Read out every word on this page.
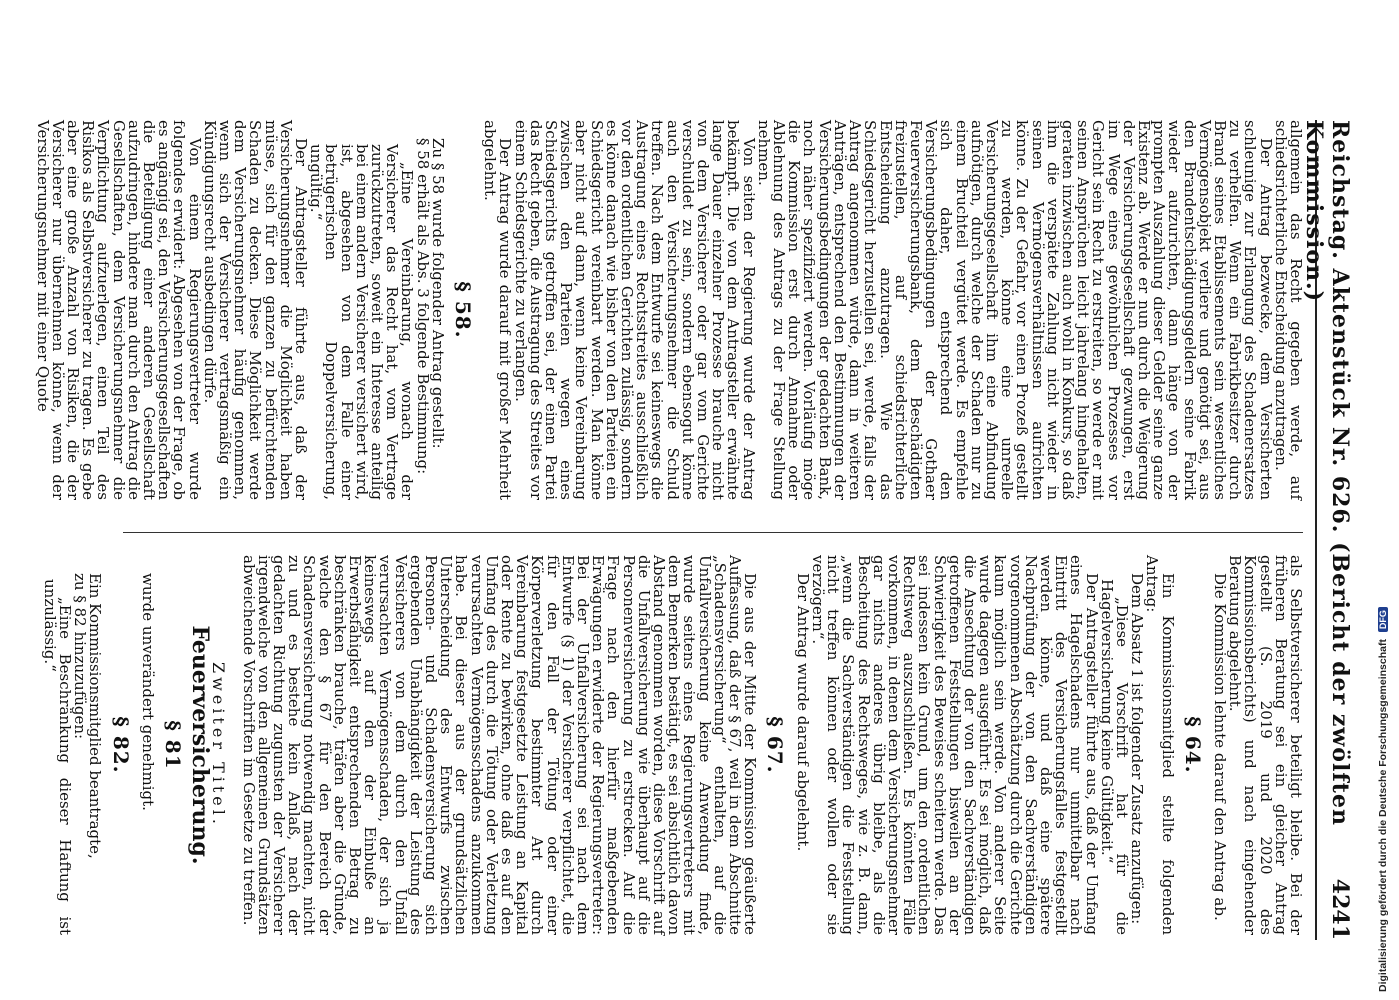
Reichstag. Aktenstück Nr. 626. (Bericht der zwölften Kommission.)
4241

allgemein das Recht gegeben werde, auf schiedsrichterliche Entscheidung anzutragen.

Der Antrag bezwecke, dem Versicherten schleunige zur Erlangung des Schadenersatzes zu verhelfen. Wenn ein Fabrikbesitzer durch Brand seines Etablissements sein wesentliches Vermögensobjekt verliere und genötigt sei, aus den Brandentschädigungsgeldern seine Fabrik wieder aufzurichten, dann hänge von der prompten Auszahlung dieser Gelder seine ganze Existenz ab. Werde er nun durch die Weigerung der Versicherungsgesellschaft gezwungen, erst im Wege eines gewöhnlichen Prozesses vor Gericht sein Recht zu erstreiten, so werde er mit seinen Ansprüchen leicht jahrelang hingehalten, geraten inzwischen auch wohl in Konkurs, so daß ihm die verspätete Zahlung nicht wieder in seinen Vermögensverhältnissen aufrichten könne. Zu der Gefahr, vor einen Prozeß gestellt zu werden, könne eine unreelle Versicherungsgesellschaft ihm eine Abfindung aufnötigen, durch welche der Schaden nur zu einem Bruchteil vergütet werde. Es empfehle sich daher, entsprechend den Versicherungsbedingungen der Gothaer Feuerversicherungsbank, dem Beschädigten freizustellen, auf schiedsrichterliche Entscheidung anzutragen. Wie das Schiedsgericht herzustellen sei, werde, falls der Antrag angenommen würde, dann in weiteren Anträgen, entsprechend den Bestimmungen der Versicherungsbedingungen der gedachten Bank, noch näher spezifiziert werden. Vorläufig möge die Kommission erst durch Annahme oder Ablehnung des Antrags zu der Frage Stellung nehmen.

Von seiten der Regierung wurde der Antrag bekämpft. Die von dem Antragsteller erwähnte lange Dauer einzelner Prozesse brauche nicht von dem Versicherer oder gar vom Gerichte verschuldet zu sein, sondern ebensogut könne auch den Versicherungsnehmer die Schuld treffen. Nach dem Entwurfe sei keineswegs die Austragung eines Rechtsstreites ausschließlich vor den ordentlichen Gerichten zulässig, sondern es könne danach wie bisher von den Parteien ein Schiedsgericht vereinbart werden. Man könne aber nicht auf dann, wenn keine Vereinbarung zwischen den Parteien wegen eines Schiedsgerichts getroffen sei, der einen Partei das Recht geben, die Austragung des Streites vor einem Schiedsgerichte zu verlangen.

Der Antrag wurde darauf mit großer Mehrheit abgelehnt.

§ 58.

Zu § 58 wurde folgender Antrag gestellt:

§ 58 erhält als Abs. 3 folgende Bestimmung:

„Eine Vereinbarung, wonach der Versicherer das Recht hat, vom Vertrage zurückzutreten, soweit ein Interesse anteilig bei einem andern Versicherer versichert wird, ist, abgesehen von dem Falle einer betrügerischen Doppelversicherung, ungültig.“

Der Antragsteller führte aus, daß der Versicherungsnehmer die Möglichkeit haben müsse, sich für den ganzen zu befürchtenden Schaden zu decken. Diese Möglichkeit werde dem Versicherungsnehmer häufig genommen, wenn sich der Versicherer vertragsmäßig ein Kündigungsrecht ausbedingen dürfe.

Von einem Regierungsvertreter wurde folgendes erwidert: Abgesehen von der Frage, ob es angängig sei, den Versicherungsgesellschaften die Beteiligung einer anderen Gesellschaft aufzudringen, hindere man durch den Antrag die Gesellschaften, dem Versicherungsnehmer die Verpflichtung aufzuerlegen, einen Teil des Risikos als Selbstversicherer zu tragen. Es gebe aber eine große Anzahl von Risiken, die der Versicherer nur übernehmen könne, wenn der Versicherungsnehmer mit einer Quote

als Selbstversicherer beteiligt bleibe. Bei der früheren Beratung sei ein gleicher Antrag gestellt (S. 2019 und 2020 des Kommissionsberichts) und nach eingehender Beratung abgelehnt.

Die Kommission lehnte darauf den Antrag ab.

§ 64.

Ein Kommissionsmitglied stellte folgenden Antrag:

Dem Absatz 1 ist folgender Zusatz anzufügen:

„Diese Vorschrift hat für die Hagelversicherung keine Gültigkeit.“

Der Antragsteller führte aus, daß der Umfang eines Hagelschadens nur unmittelbar nach Eintritt des Versicherungsfalles festgestellt werden könne, und daß eine spätere Nachprüfung der von den Sachverständigen vorgenommenen Abschätzung durch die Gerichte kaum möglich sein werde. Von anderer Seite wurde dagegen ausgeführt: Es sei möglich, daß die Ansechtung der von den Sachverständigen getroffenen Feststellungen bisweilen an der Schwierigkeit des Beweises scheitern werde. Das sei indessen kein Grund, um den ordentlichen Rechtsweg auszuschließen. Es könnten Fälle vorkommen, in denen dem Versicherungsnehmer gar nichts anderes übrig bleibe, als die Bescheitung des Rechtsweges, wie z. B. dann, „wenn die Sachverständigen die Feststellung nicht treffen können oder wollen oder sie verzögern“.

Der Antrag wurde darauf abgelehnt.

§ 67.

Die aus der Mitte der Kommission geäußerte Auffassung, daß der § 67, weil in dem Abschnitte „Schadensversicherung“ enthalten, auf die Unfallversicherung keine Anwendung finde, wurde seitens eines Regierungsvertreters mit dem Bemerken bestätigt, es sei absichtlich davon Abstand genommen worden, diese Vorschrift auf die Unfallversicherung wie überhaupt auf die Personenversicherung zu erstrecken. Auf die Frage nach den hierfür maßgebenden Erwägungen erwiderte der Regierungsvertreter: Bei der Unfallversicherung sei nach dem Entwurfe (§ 1) der Versicherer verpflichtet, die für den Fall der Tötung oder einer Körperverletzung bestimmter Art durch Vereinbarung festgesetzte Leistung an Kapital oder Rente zu bewirken, ohne daß es auf den Umfang des durch die Tötung oder Verletzung verursachten Vermögensschadens anzukommen habe. Bei dieser aus der grundsätzlichen Unterscheidung des Entwurfs zwischen Personen- und Schadensversicherung sich ergebenden Unabhängigkeit der Leistung des Versicherers von dem durch den Unfall verursachten Vermögensschaden, der sich ja keineswegs auf den der Einbuße an Erwerbsfähigkeit entsprechenden Betrag zu beschränken brauche, träfen aber die Gründe, welche den § 67 für den Bereich der Schadensversicherung notwendig machten, nicht zu und es bestehe kein Anlaß, nach der gedachten Richtung zugunsten der Versicherer irgendwelche von den allgemeinen Grundsätzen abweichende Vorschriften im Gesetze zu treffen.

Zweiter Titel.
Feuerversicherung.
§ 81

wurde unverändert genehmigt.

§ 82.

Ein Kommissionsmitglied beantragte,

zu § 82 hinzuzufügen:

„Eine Beschränkung dieser Haftung ist unzulässig.“

Digitalisierung gefördert durch die Deutsche Forschungsgemeinschaft DFG
